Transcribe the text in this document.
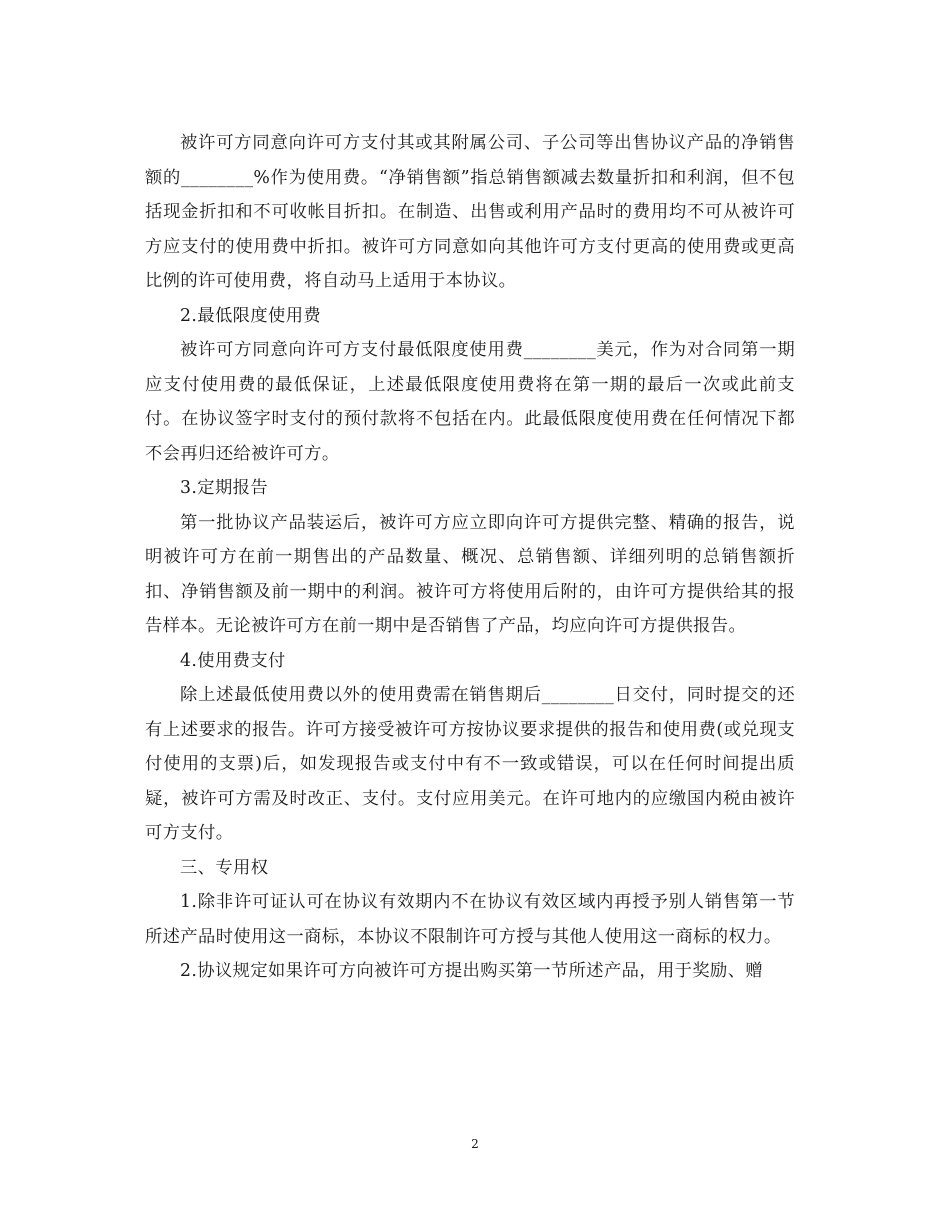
被许可方同意向许可方支付其或其附属公司、子公司等出售协议产品的净销售额的________%作为使用费。“净销售额”指总销售额减去数量折扣和利润，但不包括现金折扣和不可收帐目折扣。在制造、出售或利用产品时的费用均不可从被许可方应支付的使用费中折扣。被许可方同意如向其他许可方支付更高的使用费或更高比例的许可使用费，将自动马上适用于本协议。

2.最低限度使用费

被许可方同意向许可方支付最低限度使用费________美元，作为对合同第一期应支付使用费的最低保证，上述最低限度使用费将在第一期的最后一次或此前支付。在协议签字时支付的预付款将不包括在内。此最低限度使用费在任何情况下都不会再归还给被许可方。

3.定期报告

第一批协议产品装运后，被许可方应立即向许可方提供完整、精确的报告，说明被许可方在前一期售出的产品数量、概况、总销售额、详细列明的总销售额折扣、净销售额及前一期中的利润。被许可方将使用后附的，由许可方提供给其的报告样本。无论被许可方在前一期中是否销售了产品，均应向许可方提供报告。

4.使用费支付

除上述最低使用费以外的使用费需在销售期后________日交付，同时提交的还有上述要求的报告。许可方接受被许可方按协议要求提供的报告和使用费(或兑现支付使用的支票)后，如发现报告或支付中有不一致或错误，可以在任何时间提出质疑，被许可方需及时改正、支付。支付应用美元。在许可地内的应缴国内税由被许可方支付。

三、专用权

1.除非许可证认可在协议有效期内不在协议有效区域内再授予别人销售第一节所述产品时使用这一商标，本协议不限制许可方授与其他人使用这一商标的权力。

2.协议规定如果许可方向被许可方提出购买第一节所述产品，用于奖励、赠

2
